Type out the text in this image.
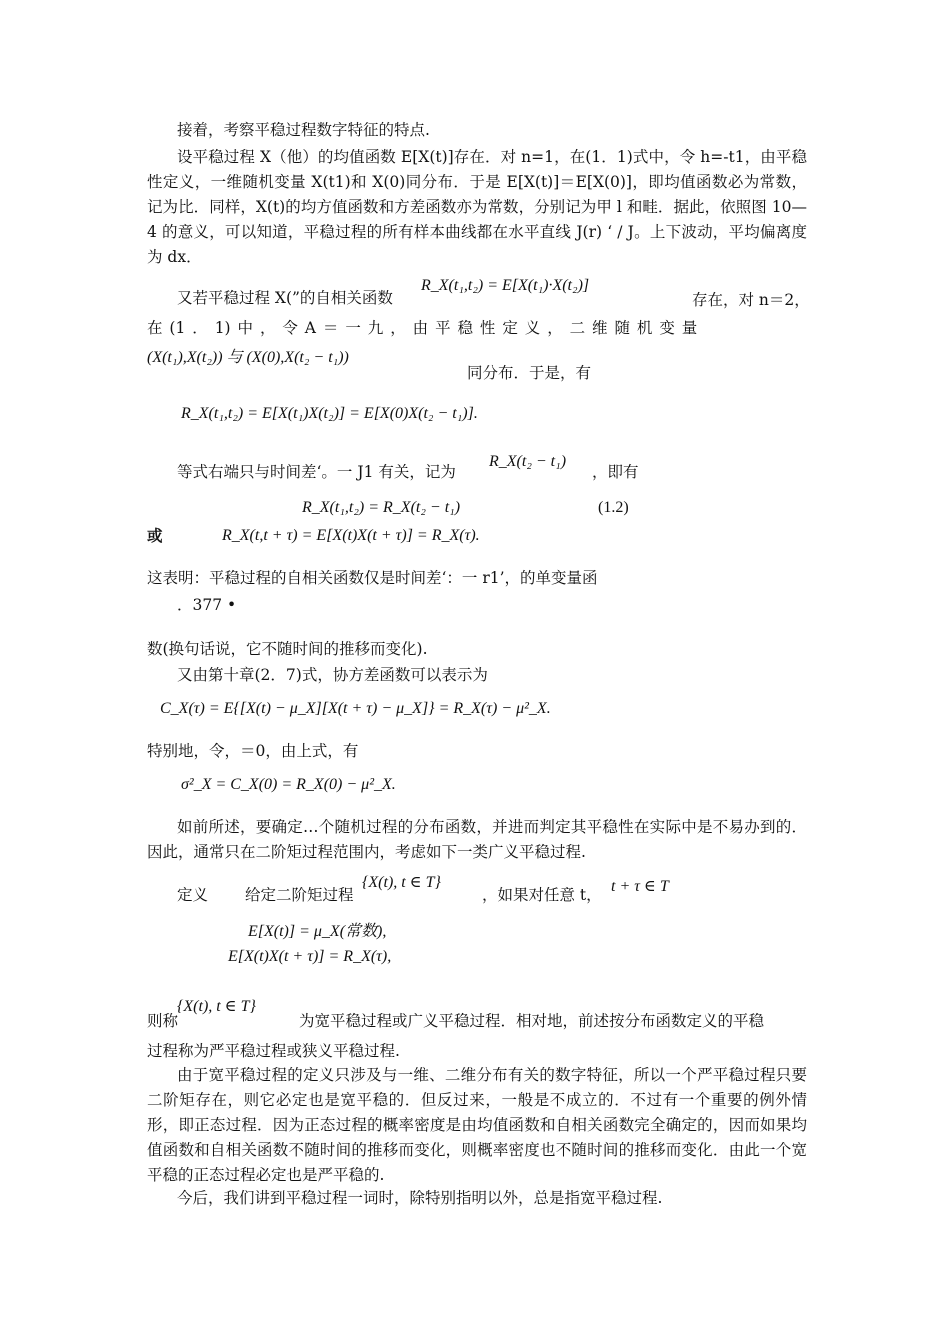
接着，考察平稳过程数字特征的特点.
设平稳过程 X（他）的均值函数 E[X(t)]存在．对 n=1，在(1．1)式中，令 h=-t1，由平稳性定义，一维随机变量 X(t1)和 X(0)同分布．于是 E[X(t)]＝E[X(0)]，即均值函数必为常数，记为比．同样，X(t)的均方值函数和方差函数亦为常数，分别记为甲 l 和畦．据此，依照图 10—4 的意义，可以知道，平稳过程的所有样本曲线都在水平直线 J(r) ‘ / J。上下波动，平均偏离度为 dx．
又若平稳过程 X(”的自相关函数
R_X(t₁,t₂) = E[X(t₁)·X(t₂)]
存在，对 n＝2，
在 (1 ． 1) 中 ， 令 A ＝ 一 九 ， 由 平 稳 性 定 义 ， 二 维 随 机 变 量
(X(t₁),X(t₂)) 与 (X(0),X(t₂ − t₁))
同分布．于是，有
R_X(t₁,t₂) = E[X(t₁)X(t₂)] = E[X(0)X(t₂ − t₁)].
等式右端只与时间差‘。一 J1 有关，记为
R_X(t₂ − t₁)
，即有
R_X(t₁,t₂) = R_X(t₂ − t₁)	(1.2)
或	R_X(t,t + τ) = E[X(t)X(t + τ)] = R_X(τ).
这表明：平稳过程的自相关函数仅是时间差‘：一 r1’，的单变量函
．377 •
数(换句话说，它不随时间的推移而变化).
又由第十章(2．7)式，协方差函数可以表示为
C_X(τ) = E{[X(t) − μ_X][X(t + τ) − μ_X]} = R_X(τ) − μ²_X.
特别地，令，＝0，由上式，有
σ²_X = C_X(0) = R_X(0) − μ²_X.
如前所述，要确定…个随机过程的分布函数，并进而判定其平稳性在实际中是不易办到的．因此，通常只在二阶矩过程范围内，考虑如下一类广义平稳过程.
定义 给定二阶矩过程
{X(t), t ∈ T}
，如果对任意 t， t + τ ∈ T
E[X(t)] = μ_X(常数),
E[X(t)X(t + τ)] = R_X(τ),
则称
{X(t), t ∈ T}
为宽平稳过程或广义平稳过程．相对地，前述按分布函数定义的平稳
过程称为严平稳过程或狭义平稳过程.
由于宽平稳过程的定义只涉及与一维、二维分布有关的数字特征，所以一个严平稳过程只要二阶矩存在，则它必定也是宽平稳的．但反过来，一般是不成立的．不过有一个重要的例外情形，即正态过程．因为正态过程的概率密度是由均值函数和自相关函数完全确定的，因而如果均值函数和自相关函数不随时间的推移而变化，则概率密度也不随时间的推移而变化．由此一个宽平稳的正态过程必定也是严平稳的.
今后，我们讲到平稳过程一词时，除特别指明以外，总是指宽平稳过程.
